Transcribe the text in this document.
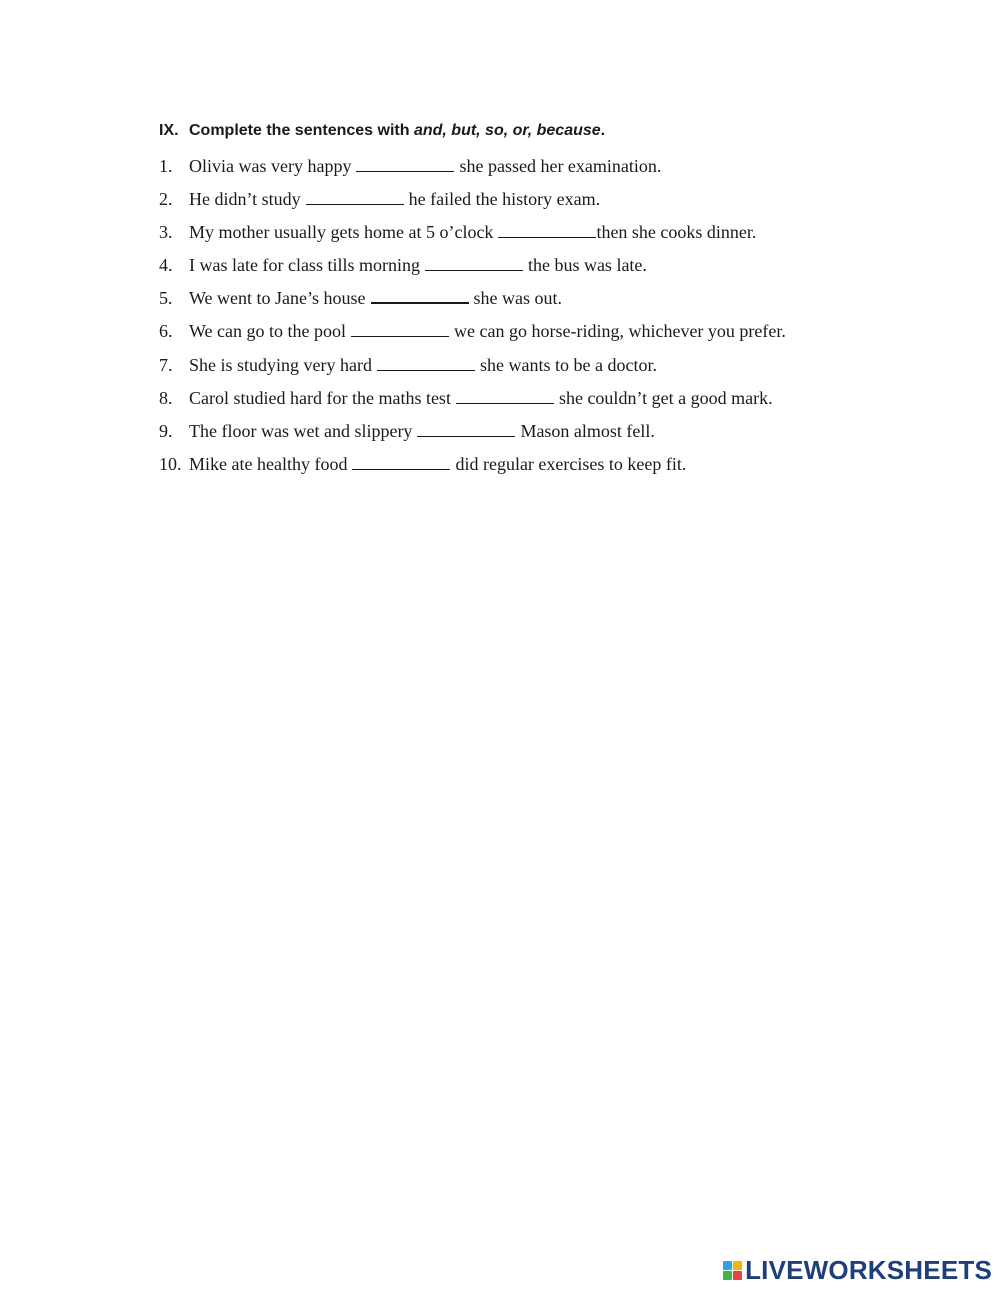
IX. Complete the sentences with and, but, so, or, because.
1. Olivia was very happy	she passed her examination.
2. He didn’t study	he failed the history exam.
3. My mother usually gets home at 5 o’clock	then she cooks dinner.
4. I was late for class tills morning	the bus was late.
5. We went to Jane’s house	she was out.
6. We can go to the pool	we can go horse-riding, whichever you prefer.
7. She is studying very hard	she wants to be a doctor.
8. Carol studied hard for the maths test	she couldn’t get a good mark.
9. The floor was wet and slippery	Mason almost fell.
10. Mike ate healthy food	did regular exercises to keep fit.
LIVEWORKSHEETS
